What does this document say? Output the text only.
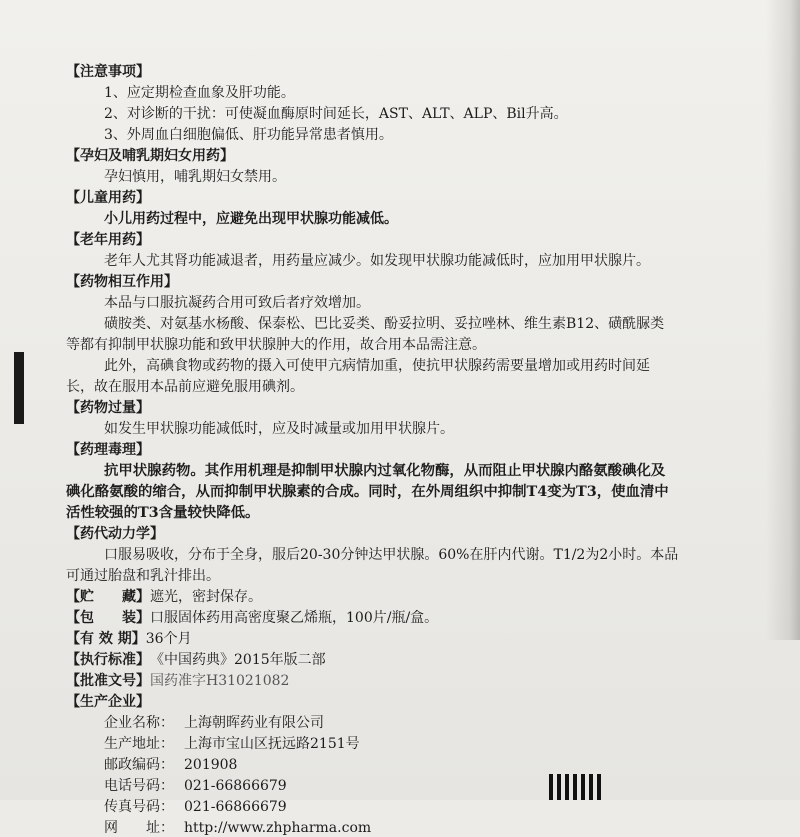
【注意事项】
1、应定期检查血象及肝功能。
2、对诊断的干扰：可使凝血酶原时间延长，AST、ALT、ALP、Bil升高。
3、外周血白细胞偏低、肝功能异常患者慎用。
【孕妇及哺乳期妇女用药】
孕妇慎用，哺乳期妇女禁用。
【儿童用药】
小儿用药过程中，应避免出现甲状腺功能减低。
【老年用药】
老年人尤其肾功能减退者，用药量应减少。如发现甲状腺功能减低时，应加用甲状腺片。
【药物相互作用】
本品与口服抗凝药合用可致后者疗效增加。
磺胺类、对氨基水杨酸、保泰松、巴比妥类、酚妥拉明、妥拉唑林、维生素B12、磺酰脲类
等都有抑制甲状腺功能和致甲状腺肿大的作用，故合用本品需注意。
此外，高碘食物或药物的摄入可使甲亢病情加重，使抗甲状腺药需要量增加或用药时间延
长，故在服用本品前应避免服用碘剂。
【药物过量】
如发生甲状腺功能减低时，应及时减量或加用甲状腺片。
【药理毒理】
抗甲状腺药物。其作用机理是抑制甲状腺内过氧化物酶，从而阻止甲状腺内酪氨酸碘化及
碘化酪氨酸的缩合，从而抑制甲状腺素的合成。同时，在外周组织中抑制T4变为T3，使血清中
活性较强的T3含量较快降低。
【药代动力学】
口服易吸收，分布于全身，服后20-30分钟达甲状腺。60%在肝内代谢。T1/2为2小时。本品
可通过胎盘和乳汁排出。
【贮　　藏】遮光，密封保存。
【包　　装】口服固体药用高密度聚乙烯瓶，100片/瓶/盒。
【有 效 期】36个月
【执行标准】《中国药典》2015年版二部
【批准文号】国药准字H31021082
【生产企业】
企业名称： 上海朝晖药业有限公司
生产地址： 上海市宝山区抚远路2151号
邮政编码： 201908
电话号码： 021-66866679
传真号码： 021-66866679
网　　址： http://www.zhpharma.com
